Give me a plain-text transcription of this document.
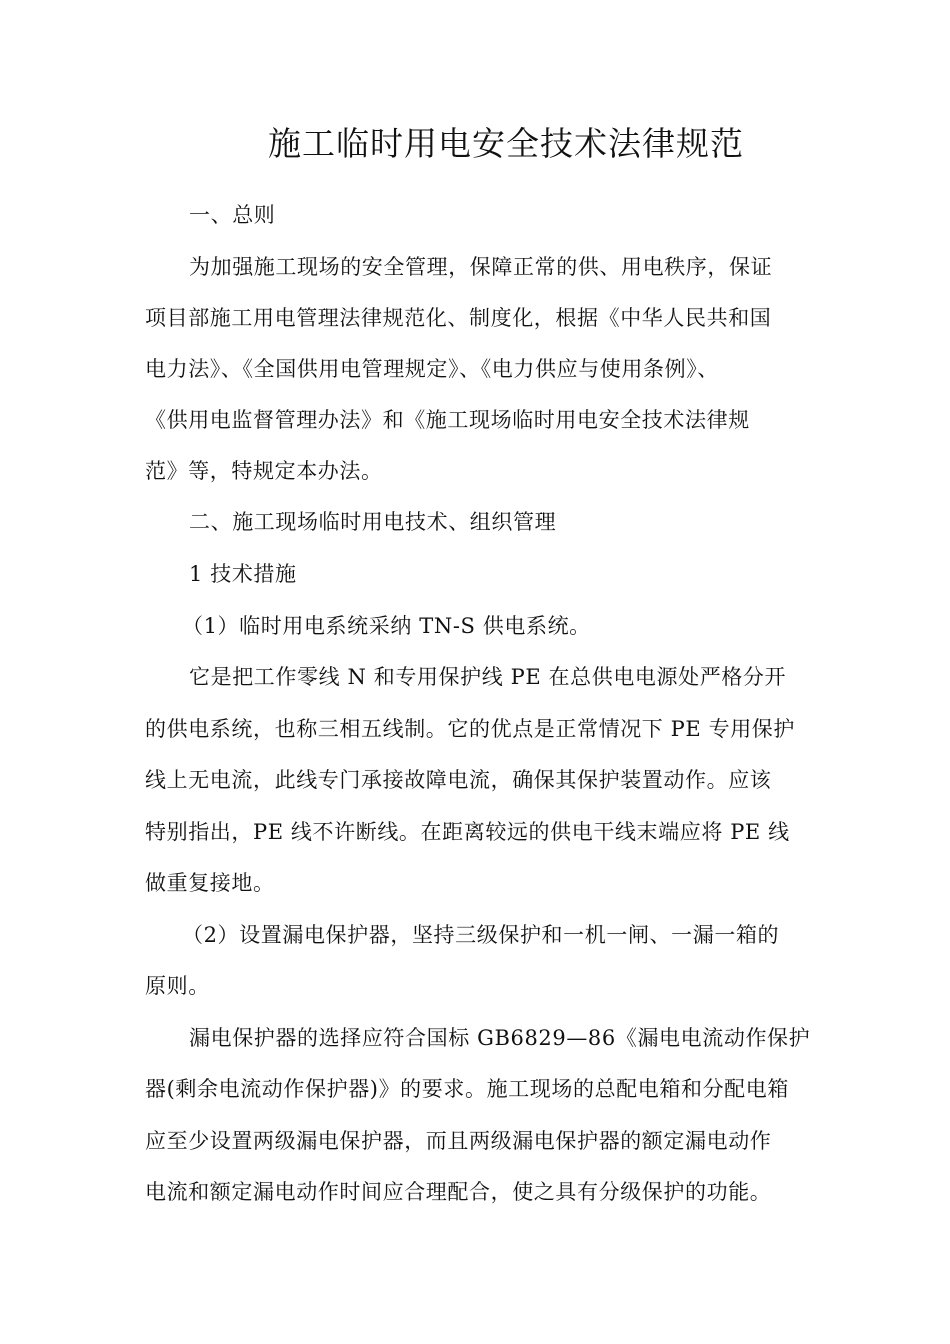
施工临时用电安全技术法律规范
一、总则
为加强施工现场的安全管理，保障正常的供、用电秩序，保证
项目部施工用电管理法律规范化、制度化，根据《中华人民共和国
电力法》、《全国供用电管理规定》、《电力供应与使用条例》、
《供用电监督管理办法》和《施工现场临时用电安全技术法律规
范》等，特规定本办法。
二、施工现场临时用电技术、组织管理
1 技术措施
（1）临时用电系统采纳 TN-S 供电系统。
它是把工作零线 N 和专用保护线 PE 在总供电电源处严格分开
的供电系统，也称三相五线制。它的优点是正常情况下 PE 专用保护
线上无电流，此线专门承接故障电流，确保其保护装置动作。应该
特别指出，PE 线不许断线。在距离较远的供电干线末端应将 PE 线
做重复接地。
（2）设置漏电保护器，坚持三级保护和一机一闸、一漏一箱的
原则。
漏电保护器的选择应符合国标 GB6829—86《漏电电流动作保护
器(剩余电流动作保护器)》的要求。施工现场的总配电箱和分配电箱
应至少设置两级漏电保护器，而且两级漏电保护器的额定漏电动作
电流和额定漏电动作时间应合理配合，使之具有分级保护的功能。
